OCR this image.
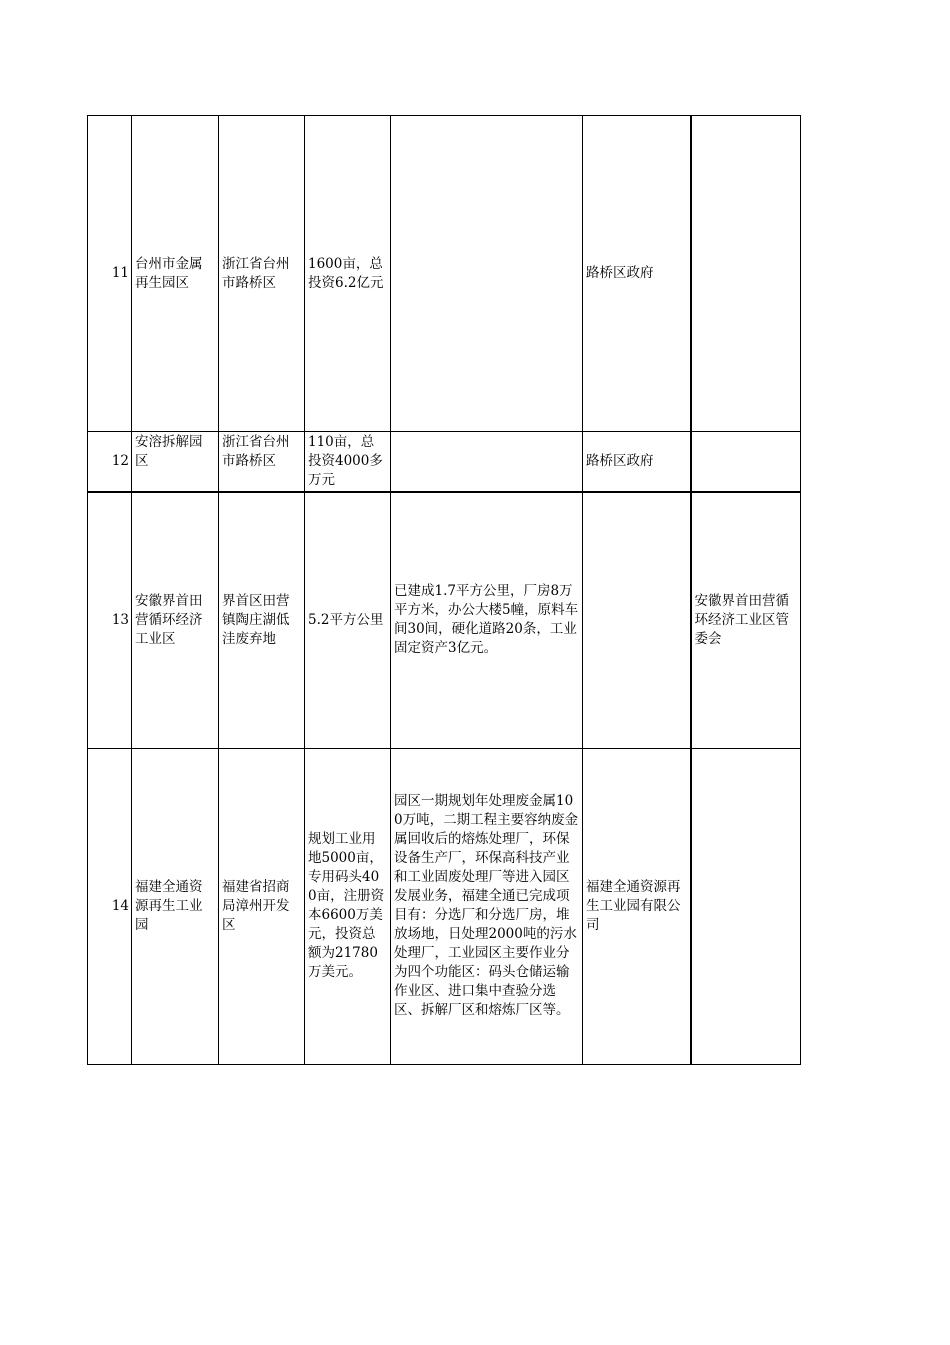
11	台州市金属再生园区	浙江省台州市路桥区	1600亩，总投资6.2亿元		路桥区政府	
12	安溶拆解园区	浙江省台州市路桥区	110亩，总投资4000多万元		路桥区政府	
13	安徽界首田营循环经济工业区	界首区田营镇陶庄湖低洼废弃地	5.2平方公里	已建成1.7平方公里，厂房8万平方米，办公大楼5幢，原料车间30间，硬化道路20条，工业固定资产3亿元。		安徽界首田营循环经济工业区管委会
14	福建全通资源再生工业园	福建省招商局漳州开发区	规划工业用地5000亩，专用码头400亩，注册资本6600万美元，投资总额为21780万美元。	园区一期规划年处理废金属100万吨，二期工程主要容纳废金属回收后的熔炼处理厂，环保设备生产厂，环保高科技产业和工业固废处理厂等进入园区发展业务，福建全通已完成项目有：分选厂和分选厂房，堆放场地，日处理2000吨的污水处理厂，工业园区主要作业分为四个功能区：码头仓储运输作业区、进口集中查验分选区、拆解厂区和熔炼厂区等。	福建全通资源再生工业园有限公司	
